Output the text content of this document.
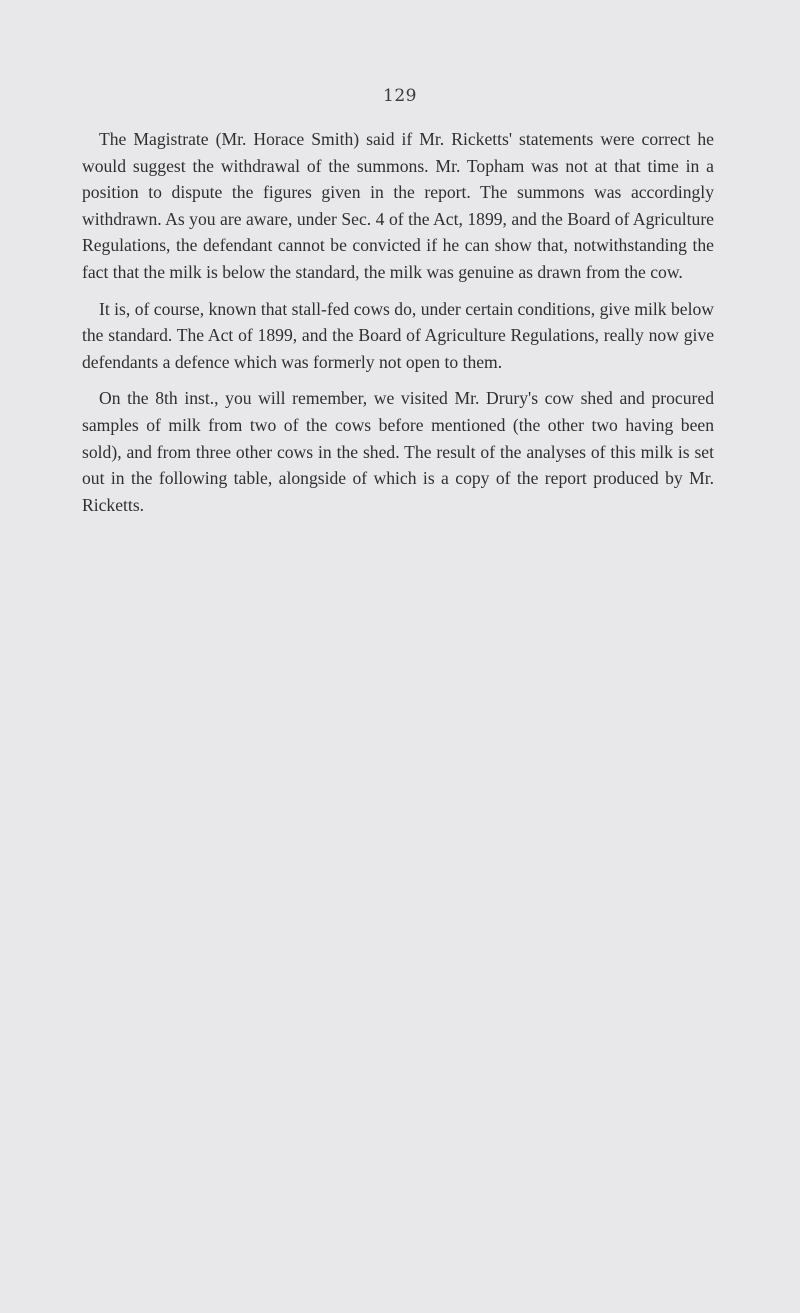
129

The Magistrate (Mr. Horace Smith) said if Mr. Ricketts' statements were correct he would suggest the withdrawal of the summons. Mr. Topham was not at that time in a position to dispute the figures given in the report. The summons was accordingly withdrawn. As you are aware, under Sec. 4 of the Act, 1899, and the Board of Agriculture Regulations, the defendant cannot be convicted if he can show that, notwithstanding the fact that the milk is below the standard, the milk was genuine as drawn from the cow.

It is, of course, known that stall-fed cows do, under certain conditions, give milk below the standard. The Act of 1899, and the Board of Agriculture Regulations, really now give defendants a defence which was formerly not open to them.

On the 8th inst., you will remember, we visited Mr. Drury's cow shed and procured samples of milk from two of the cows before mentioned (the other two having been sold), and from three other cows in the shed. The result of the analyses of this milk is set out in the following table, alongside of which is a copy of the report produced by Mr. Ricketts.
